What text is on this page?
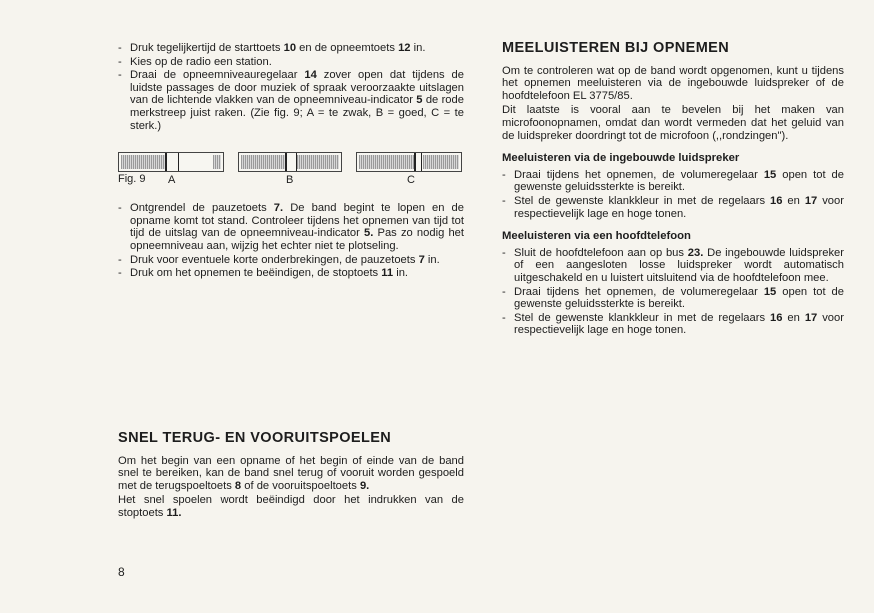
- Druk tegelijkertijd de starttoets 10 en de opneemtoets 12 in.
- Kies op de radio een station.
- Draai de opneemniveauregelaar 14 zover open dat tijdens de luidste passages de door muziek of spraak veroorzaakte uitslagen van de lichtende vlakken van de opneemniveau-indicator 5 de rode merkstreep juist raken. (Zie fig. 9; A = te zwak, B = goed, C = te sterk.)
Fig. 9 A	B	C
- Ontgrendel de pauzetoets 7. De band begint te lopen en de opname komt tot stand. Controleer tijdens het opnemen van tijd tot tijd de uitslag van de opneemniveau-indicator 5. Pas zo nodig het opneemniveau aan, wijzig het echter niet te plotseling.
- Druk voor eventuele korte onderbrekingen, de pauzetoets 7 in.
- Druk om het opnemen te beëindigen, de stoptoets 11 in.
SNEL TERUG- EN VOORUITSPOELEN

Om het begin van een opname of het begin of einde van de band snel te bereiken, kan de band snel terug of vooruit worden gespoeld met de terugspoeltoets 8 of de vooruitspoeltoets 9.

Het snel spoelen wordt beëindigd door het indrukken van de stoptoets 11.

MEELUISTEREN BIJ OPNEMEN

Om te controleren wat op de band wordt opgenomen, kunt u tijdens het opnemen meeluisteren via de ingebouwde luidspreker of de hoofdtelefoon EL 3775/85.

Dit laatste is vooral aan te bevelen bij het maken van microfoonopnamen, omdat dan wordt vermeden dat het geluid van de luidspreker doordringt tot de microfoon (,,rondzingen").

Meeluisteren via de ingebouwde luidspreker
- Draai tijdens het opnemen, de volumeregelaar 15 open tot de gewenste geluidssterkte is bereikt.
- Stel de gewenste klankkleur in met de regelaars 16 en 17 voor respectievelijk lage en hoge tonen.
Meeluisteren via een hoofdtelefoon
- Sluit de hoofdtelefoon aan op bus 23. De ingebouwde luidspreker of een aangesloten losse luidspreker wordt automatisch uitgeschakeld en u luistert uitsluitend via de hoofdtelefoon mee.
- Draai tijdens het opnemen, de volumeregelaar 15 open tot de gewenste geluidssterkte is bereikt.
- Stel de gewenste klankkleur in met de regelaars 16 en 17 voor respectievelijk lage en hoge tonen.
8
